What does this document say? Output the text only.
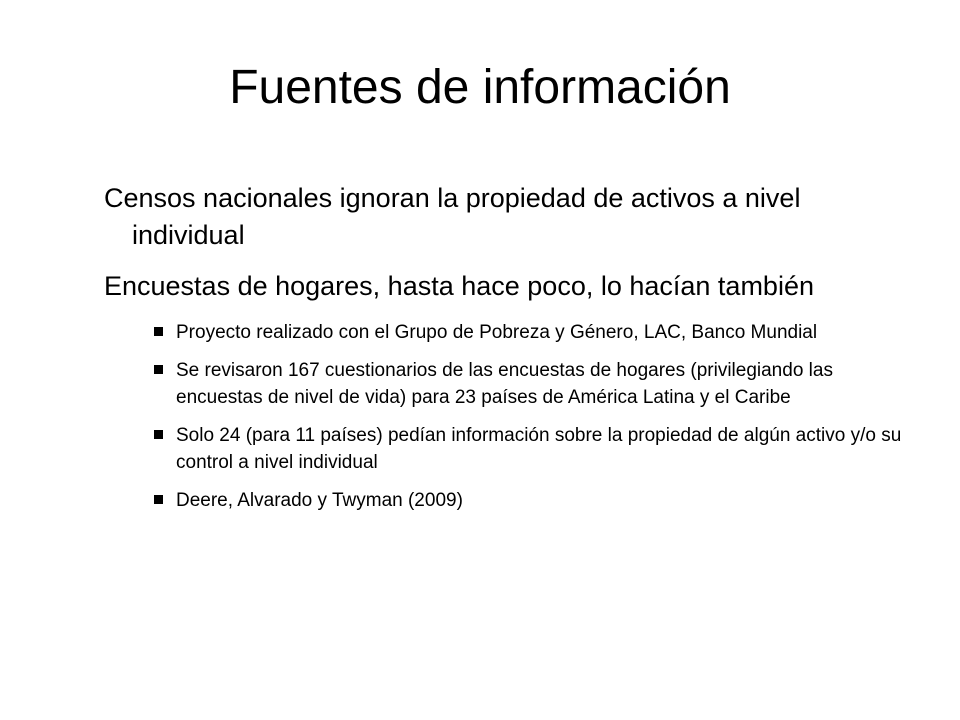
Fuentes de información

Censos nacionales ignoran la propiedad de activos a nivel individual

Encuestas de hogares, hasta hace poco, lo hacían también

Proyecto realizado con el Grupo de Pobreza y Género, LAC, Banco Mundial
Se revisaron 167 cuestionarios de las encuestas de hogares (privilegiando las encuestas de nivel de vida) para 23 países de América Latina y el Caribe
Solo 24 (para 11 países) pedían información sobre la propiedad de algún activo y/o su control a nivel individual
Deere, Alvarado y Twyman (2009)
